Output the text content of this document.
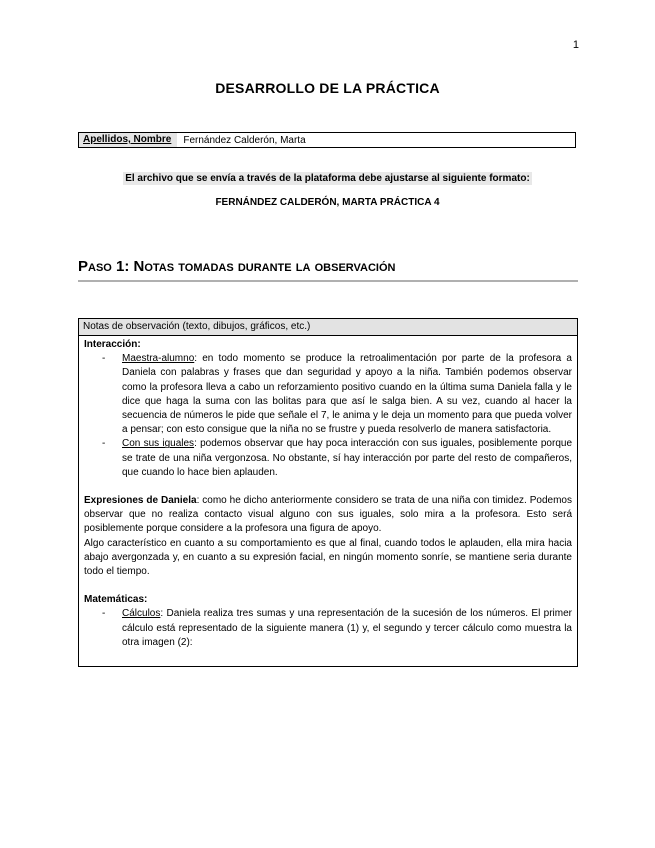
1
DESARROLLO DE LA PRÁCTICA
Apellidos, Nombre Fernández Calderón, Marta
El archivo que se envía a través de la plataforma debe ajustarse al siguiente formato:
FERNÁNDEZ CALDERÓN, MARTA PRÁCTICA 4
Paso 1: Notas tomadas durante la observación
Notas de observación (texto, dibujos, gráficos, etc.)
Interacción:
- Maestra-alumno: en todo momento se produce la retroalimentación por parte de la profesora a Daniela con palabras y frases que dan seguridad y apoyo a la niña. También podemos observar como la profesora lleva a cabo un reforzamiento positivo cuando en la última suma Daniela falla y le dice que haga la suma con las bolitas para que así le salga bien. A su vez, cuando al hacer la secuencia de números le pide que señale el 7, le anima y le deja un momento para que pueda volver a pensar; con esto consigue que la niña no se frustre y pueda resolverlo de manera satisfactoria.
- Con sus iguales: podemos observar que hay poca interacción con sus iguales, posiblemente porque se trate de una niña vergonzosa. No obstante, sí hay interacción por parte del resto de compañeros, que cuando lo hace bien aplauden.
Expresiones de Daniela: como he dicho anteriormente considero se trata de una niña con timidez. Podemos observar que no realiza contacto visual alguno con sus iguales, solo mira a la profesora. Esto será posiblemente porque considere a la profesora una figura de apoyo.
Algo característico en cuanto a su comportamiento es que al final, cuando todos le aplauden, ella mira hacia abajo avergonzada y, en cuanto a su expresión facial, en ningún momento sonríe, se mantiene seria durante todo el tiempo.
Matemáticas:
- Cálculos: Daniela realiza tres sumas y una representación de la sucesión de los números. El primer cálculo está representado de la siguiente manera (1) y, el segundo y tercer cálculo como muestra la otra imagen (2):
